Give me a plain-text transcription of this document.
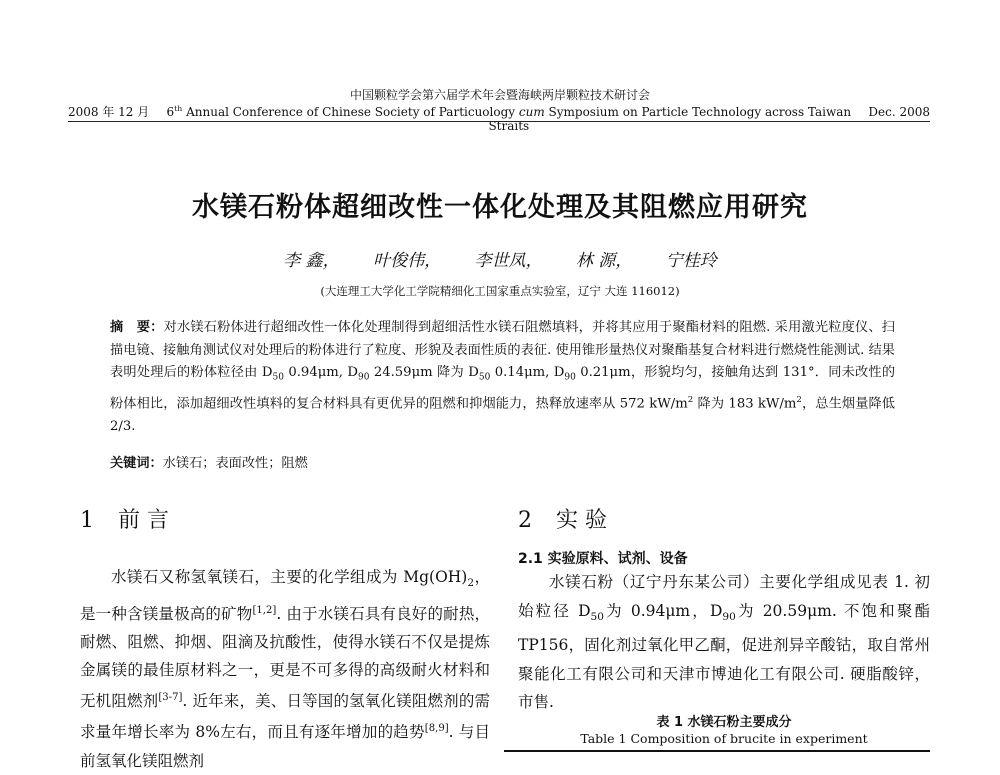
中国颗粒学会第六届学术年会暨海峡两岸颗粒技术研讨会
2008 年 12 月	6th Annual Conference of Chinese Society of Particuology cum Symposium on Particle Technology across Taiwan Straits
Dec. 2008
水镁石粉体超细改性一体化处理及其阻燃应用研究
李 鑫， 叶俊伟， 李世凤， 林 源， 宁桂玲
(大连理工大学化工学院精细化工国家重点实验室，辽宁 大连 116012)
摘　要：对水镁石粉体进行超细改性一体化处理制得到超细活性水镁石阻燃填料，并将其应用于聚酯材料的阻燃. 采用激光粒度仪、扫描电镜、接触角测试仪对处理后的粉体进行了粒度、形貌及表面性质的表征. 使用锥形量热仪对聚酯基复合材料进行燃烧性能测试. 结果表明处理后的粉体粒径由 $D_{50}$ 0.94μm, $D_{90}$ 24.59μm 降为 $D_{50}$ 0.14μm, $D_{90}$ 0.21μm，形貌均匀，接触角达到 131°．同未改性的粉体相比，添加超细改性填料的复合材料具有更优异的阻燃和抑烟能力，热释放速率从 572 $kW/m^2$ 降为 183 $kW/m^2$，总生烟量降低 2/3.
关键词：水镁石；表面改性；阻燃
1 前 言

水镁石又称氢氧镁石，主要的化学组成为 $Mg(OH)_2$，是一种含镁量极高的矿物[1,2]. 由于水镁石具有良好的耐热，耐燃、阻燃、抑烟、阻滴及抗酸性，使得水镁石不仅是提炼金属镁的最佳原材料之一，更是不可多得的高级耐火材料和无机阻燃剂[3-7]. 近年来，美、日等国的氢氧化镁阻燃剂的需求量年增长率为 8%左右，而且有逐年增加的趋势[8,9]. 与目前氢氧化镁阻燃剂

2 实 验
2.1 实验原料、试剂、设备

水镁石粉（辽宁丹东某公司）主要化学组成见表 1. 初始粒径 $D_{50}$为 0.94μm，$D_{90}$为 20.59μm. 不饱和聚酯 TP156，固化剂过氧化甲乙酮，促进剂异辛酸钴，取自常州聚能化工有限公司和天津市博迪化工有限公司. 硬脂酸锌，市售.

表 1 水镁石粉主要成分
Table 1 Composition of brucite in experiment
